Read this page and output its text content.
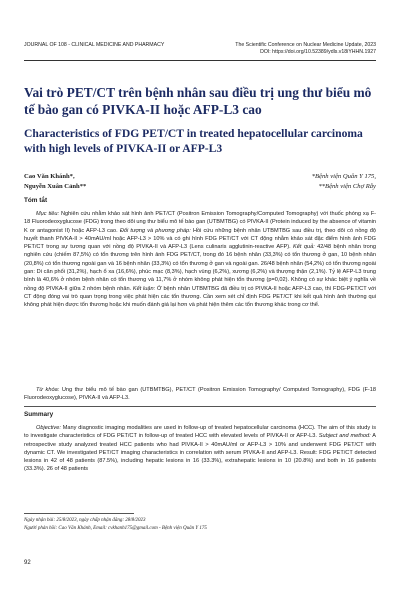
JOURNAL OF 108 - CLINICAL MEDICINE AND PHARMACY	The Scientific Conference on Nuclear Medicine Update, 2023
DOI: https://doi.org/10.52389/ydls.v18iYHHN.1927
Vai trò PET/CT trên bệnh nhân sau điều trị ung thư biểu mô tế bào gan có PIVKA-II hoặc AFP-L3 cao
Characteristics of FDG PET/CT in treated hepatocellular carcinoma with high levels of PIVKA-II or AFP-L3
Cao Văn Khánh*,
Nguyễn Xuân Cảnh**
*Bệnh viện Quân Y 175,
**Bệnh viện Chợ Rẫy
Tóm tắt

Mục tiêu: Nghiên cứu nhằm khảo sát hình ảnh PET/CT (Positron Emission Tomography/Computed Tomography) với thuốc phóng xạ F-18 Fluorodeoxyglucose (FDG) trong theo dõi ung thư biểu mô tế bào gan (UTBMTBG) có PIVKA-II (Protein induced by the absence of vitamin K or antagonist II) hoặc AFP-L3 cao. Đối tượng và phương pháp: Hồi cứu những bệnh nhân UTBMTBG sau điều trị, theo dõi có nồng độ huyết thanh PIVKA-II > 40mAU/ml hoặc AFP-L3 > 10% và có ghi hình FDG PET/CT với CT động nhằm khảo sát đặc điểm hình ảnh FDG PET/CT trong sự tương quan với nồng độ PIVKA-II và AFP-L3 (Lens culinaris agglutinin-reactive AFP). Kết quả: 42/48 bệnh nhân trong nghiên cứu (chiếm 87,5%) có tổn thương trên hình ảnh FDG PET/CT, trong đó 16 bệnh nhân (33,3%) có tổn thương ở gan, 10 bệnh nhân (20,8%) có tổn thương ngoài gan và 16 bệnh nhân (33,3%) có tổn thương ở gan và ngoài gan. 26/48 bệnh nhân (54,2%) có tổn thương ngoài gan: Di căn phổi (31,2%), hạch ổ xa (16,6%), phúc mạc (8,3%), hạch vùng (6,2%), xương (6,2%) và thượng thận (2,1%). Tỷ lệ AFP-L3 trung bình là 40,6% ở nhóm bệnh nhân có tổn thương và 11,7% ở nhóm không phát hiện tổn thương (p=0,02). Không có sự khác biệt ý nghĩa về nồng độ PIVKA-II giữa 2 nhóm bệnh nhân. Kết luận: Ở bệnh nhân UTBMTBG đã điều trị có PIVKA-II hoặc AFP-L3 cao, thì FDG-PET/CT với CT động đóng vai trò quan trọng trong việc phát hiện các tổn thương. Cần xem xét chỉ định FDG PET/CT khi kết quả hình ảnh thường qui không phát hiện được tổn thương hoặc khi muốn đánh giá lại hơn và phát hiện thêm các tổn thương khác trong cơ thể.

Từ khóa: Ung thư biểu mô tế bào gan (UTBMTBG), PET/CT (Positron Emission Tomography/ Computed Tomography), FDG (F-18 Fluorodeoxyglucose), PIVKA-II và AFP-L3.

Summary

Objective: Many diagnostic imaging modalities are used in follow-up of treated hepatocellular carcinoma (HCC). The aim of this study is to investigate characteristics of FDG PET/CT in follow-up of treated HCC with elevated levels of PIVKA-II or AFP-L3. Subject and method: A retrospective study analyzed treated HCC patients who had PIVKA-II > 40mAU/ml or AFP-L3 > 10% and underwent FDG PET/CT with dynamic CT. We investigated PET/CT imaging characteristics in correlation with serum PIVKA-II and AFP-L3. Result: FDG PET/CT detected lesions in 42 of 48 patients (87.5%), including hepatic lesions in 16 (33.3%), extrahepatic lesions in 10 (20.8%) and both in 16 patients (33.3%). 26 of 48 patients

Ngày nhận bài: 25/8/2023, ngày chấp nhận đăng: 28/8/2023
Người phản hồi: Cao Văn Khánh, Email: cvkhanh175@gmail.com - Bệnh viện Quân Y 175
92
